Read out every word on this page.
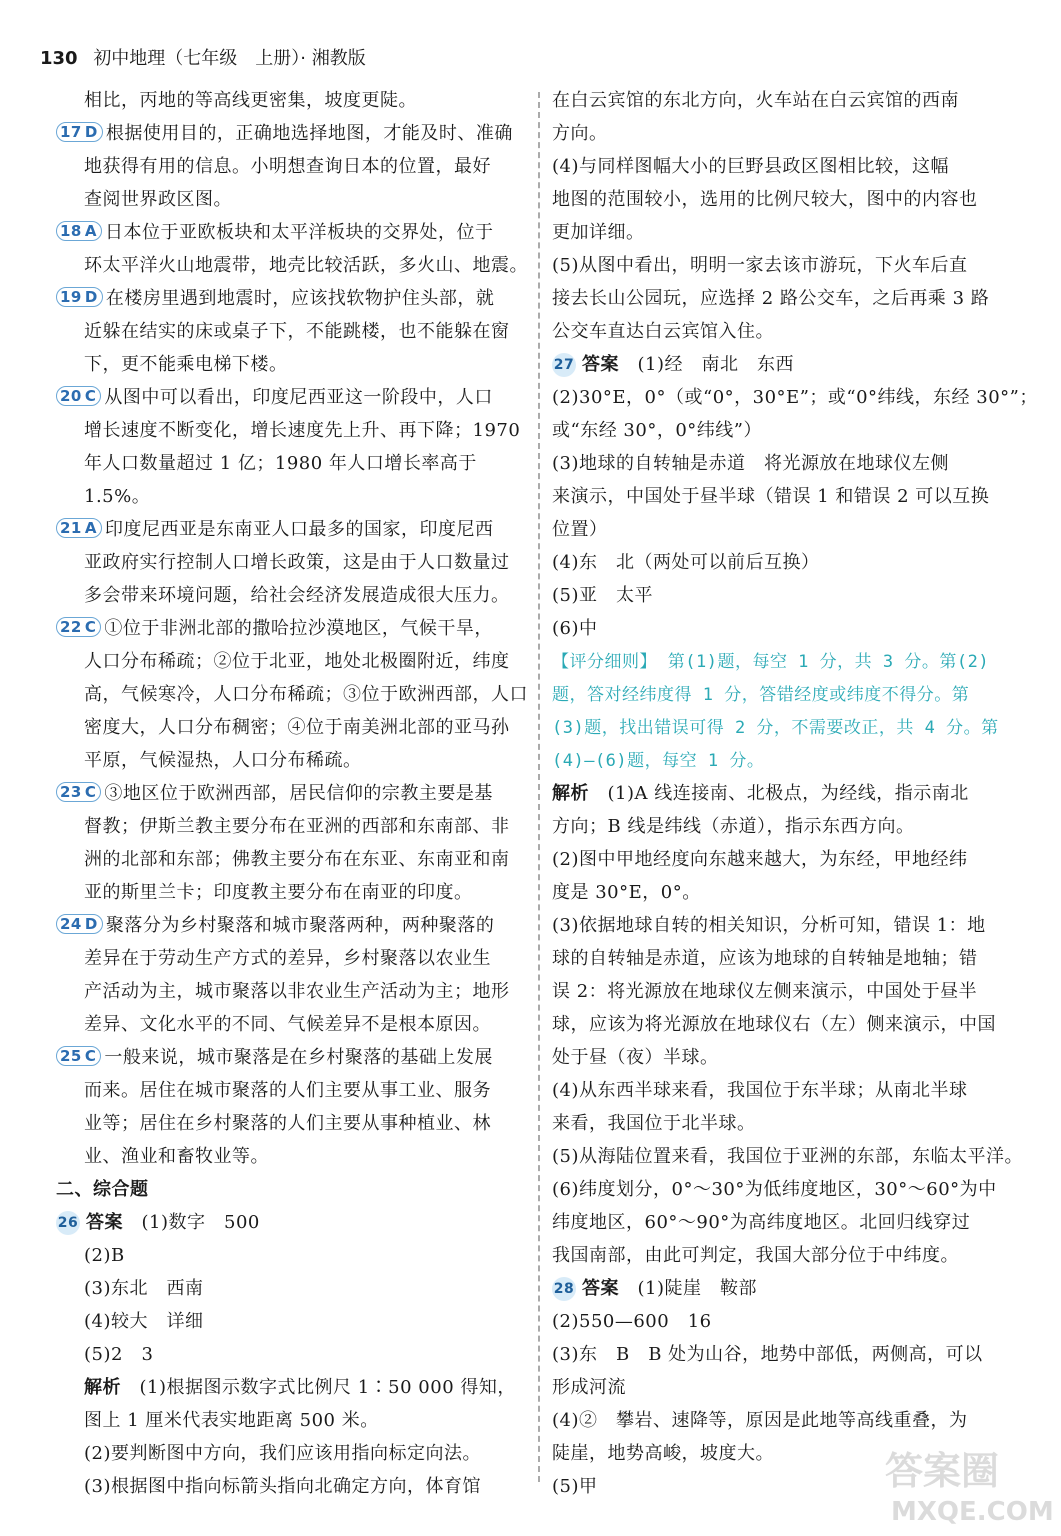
130 初中地理（七年级　上册）· 湘教版
相比，丙地的等高线更密集，坡度更陡。
17 D 根据使用目的，正确地选择地图，才能及时、准确
地获得有用的信息。小明想查询日本的位置，最好
查阅世界政区图。
18 A 日本位于亚欧板块和太平洋板块的交界处，位于
环太平洋火山地震带，地壳比较活跃，多火山、地震。
19 D 在楼房里遇到地震时，应该找软物护住头部，就
近躲在结实的床或桌子下，不能跳楼，也不能躲在窗
下，更不能乘电梯下楼。
20 C 从图中可以看出，印度尼西亚这一阶段中，人口
增长速度不断变化，增长速度先上升、再下降；1970
年人口数量超过 1 亿；1980 年人口增长率高于
1.5%。
21 A 印度尼西亚是东南亚人口最多的国家，印度尼西
亚政府实行控制人口增长政策，这是由于人口数量过
多会带来环境问题，给社会经济发展造成很大压力。
22 C ①位于非洲北部的撒哈拉沙漠地区，气候干旱，
人口分布稀疏；②位于北亚，地处北极圈附近，纬度
高，气候寒冷，人口分布稀疏；③位于欧洲西部，人口
密度大，人口分布稠密；④位于南美洲北部的亚马孙
平原，气候湿热，人口分布稀疏。
23 C ③地区位于欧洲西部，居民信仰的宗教主要是基
督教；伊斯兰教主要分布在亚洲的西部和东南部、非
洲的北部和东部；佛教主要分布在东亚、东南亚和南
亚的斯里兰卡；印度教主要分布在南亚的印度。
24 D 聚落分为乡村聚落和城市聚落两种，两种聚落的
差异在于劳动生产方式的差异，乡村聚落以农业生
产活动为主，城市聚落以非农业生产活动为主；地形
差异、文化水平的不同、气候差异不是根本原因。
25 C 一般来说，城市聚落是在乡村聚落的基础上发展
而来。居住在城市聚落的人们主要从事工业、服务
业等；居住在乡村聚落的人们主要从事种植业、林
业、渔业和畜牧业等。
二、综合题
26 答案　(1)数字　500
(2)B
(3)东北　西南
(4)较大　详细
(5)2　3
解析　(1)根据图示数字式比例尺 1∶50 000 得知，
图上 1 厘米代表实地距离 500 米。
(2)要判断图中方向，我们应该用指向标定向法。
(3)根据图中指向标箭头指向北确定方向，体育馆
在白云宾馆的东北方向，火车站在白云宾馆的西南
方向。
(4)与同样图幅大小的巨野县政区图相比较，这幅
地图的范围较小，选用的比例尺较大，图中的内容也
更加详细。
(5)从图中看出，明明一家去该市游玩，下火车后直
接去长山公园玩，应选择 2 路公交车，之后再乘 3 路
公交车直达白云宾馆入住。
27 答案　(1)经　南北　东西
(2)30°E，0°（或“0°，30°E”；或“0°纬线，东经 30°”；
或“东经 30°，0°纬线”）
(3)地球的自转轴是赤道　将光源放在地球仪左侧
来演示，中国处于昼半球（错误 1 和错误 2 可以互换
位置）
(4)东　北（两处可以前后互换）
(5)亚　太平
(6)中
【评分细则】 第(1)题，每空 1 分，共 3 分。第(2)
题，答对经纬度得 1 分，答错经度或纬度不得分。第
(3)题，找出错误可得 2 分，不需要改正，共 4 分。第
(4)—(6)题，每空 1 分。
解析　(1)A 线连接南、北极点，为经线，指示南北
方向；B 线是纬线（赤道），指示东西方向。
(2)图中甲地经度向东越来越大，为东经，甲地经纬
度是 30°E，0°。
(3)依据地球自转的相关知识，分析可知，错误 1：地
球的自转轴是赤道，应该为地球的自转轴是地轴；错
误 2：将光源放在地球仪左侧来演示，中国处于昼半
球，应该为将光源放在地球仪右（左）侧来演示，中国
处于昼（夜）半球。
(4)从东西半球来看，我国位于东半球；从南北半球
来看，我国位于北半球。
(5)从海陆位置来看，我国位于亚洲的东部，东临太平洋。
(6)纬度划分，0°～30°为低纬度地区，30°～60°为中
纬度地区，60°～90°为高纬度地区。北回归线穿过
我国南部，由此可判定，我国大部分位于中纬度。
28 答案　(1)陡崖　鞍部
(2)550—600　16
(3)东　B　B 处为山谷，地势中部低，两侧高，可以
形成河流
(4)②　攀岩、速降等，原因是此地等高线重叠，为
陡崖，地势高峻，坡度大。
(5)甲	答案圈
MXQE.COM
